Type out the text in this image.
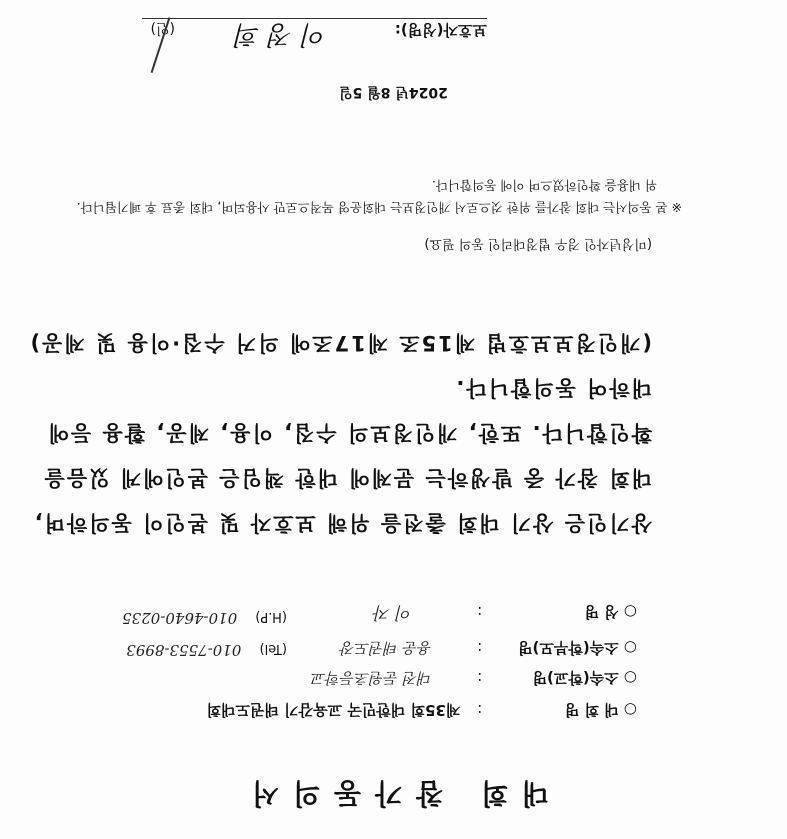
대회 참가동의서
○ 대 회 명 : 제35회 대한민국 교육감기 태권도대회
○ 소속(학교)명 : 대전 둔원초등학교
○ 소속(학부모)명 : 용운 태권도장
(Tel) 010-7553-8993
○ 성 명 : 이 자
(H.P) 010-4640-0235
상기인은 상기 대회 출전을 위해 보호자 및 본인이 동의하며,
대회 참가 중 발생하는 문제에 대한 책임은 본인에게 있음을
확인합니다. 또한, 개인정보의 수집, 이용, 제공, 활용 등에
대하여 동의합니다.
(개인정보보호법 제15조 제17조에 의거 수집·이용 및 제공)
(미성년자인 경우 법정대리인 동의 필요)
※ 본 동의서는 대회 참가를 위한 것으로서 개인정보는 대회운영 목적으로만 사용되며, 대회 종료 후 폐기됩니다.
위 내용을 확인하였으며 이에 동의합니다.
2024년 8월 5일
보호자(성명):
이 정 희
(인)
